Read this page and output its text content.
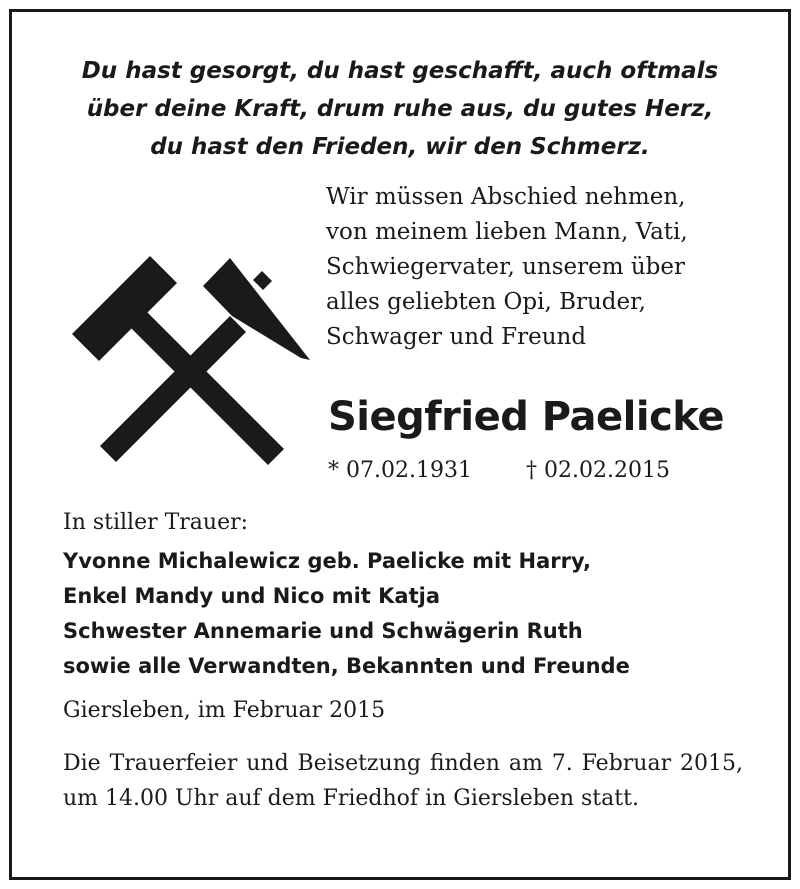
Du hast gesorgt, du hast geschafft, auch oftmals
über deine Kraft, drum ruhe aus, du gutes Herz,
du hast den Frieden, wir den Schmerz.
Wir müssen Abschied nehmen,
von meinem lieben Mann, Vati,
Schwiegervater, unserem über
alles geliebten Opi, Bruder,
Schwager und Freund
Siegfried Paelicke
* 07.02.1931 † 02.02.2015
In stiller Trauer:
Yvonne Michalewicz geb. Paelicke mit Harry,
Enkel Mandy und Nico mit Katja
Schwester Annemarie und Schwägerin Ruth
sowie alle Verwandten, Bekannten und Freunde
Giersleben, im Februar 2015
Die Trauerfeier und Beisetzung finden am 7. Februar 2015, um 14.00 Uhr auf dem Friedhof in Giersleben statt.
